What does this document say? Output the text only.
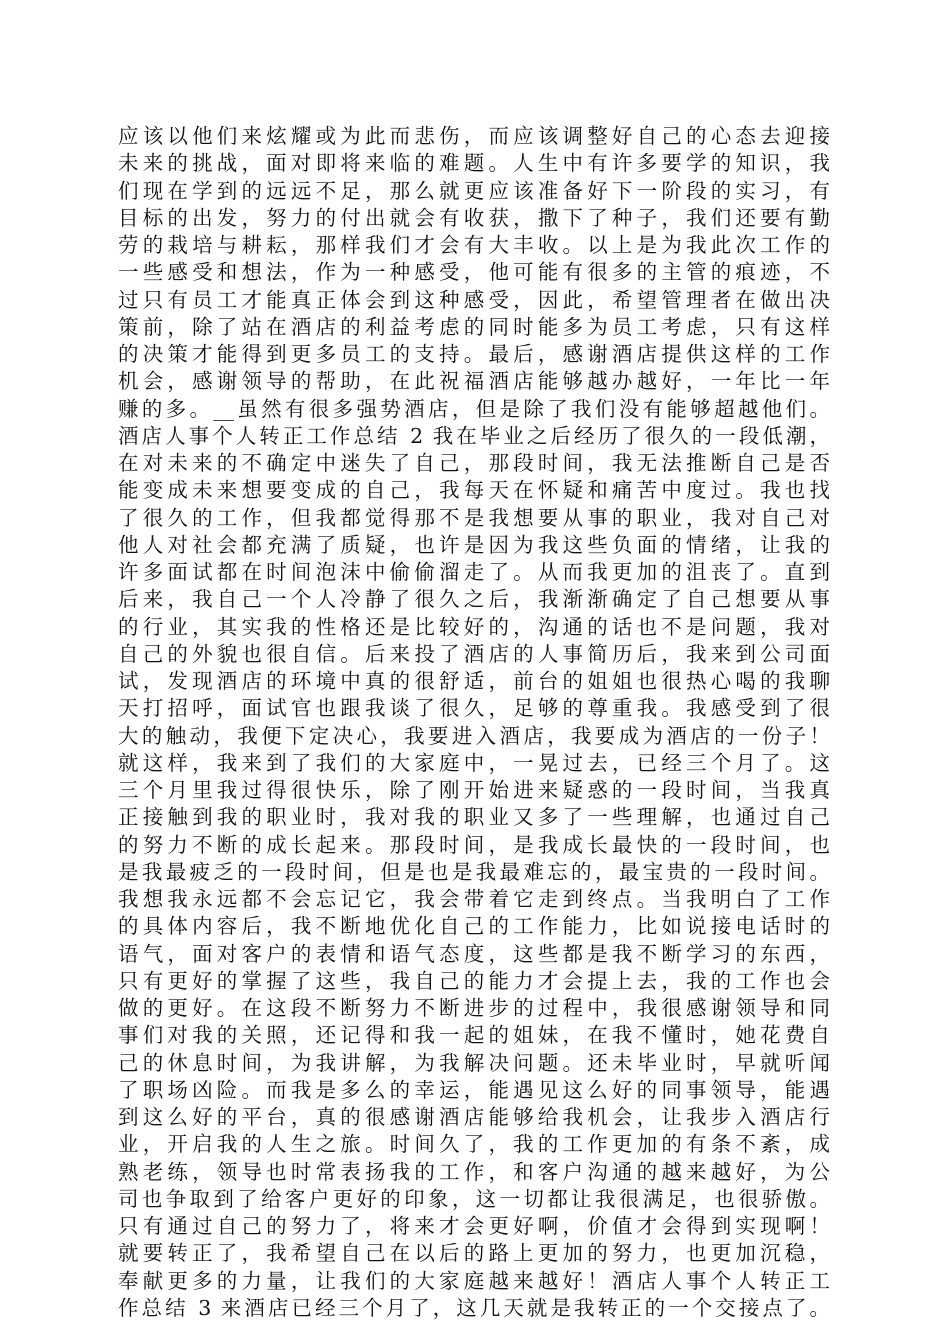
应该以他们来炫耀或为此而悲伤，而应该调整好自己的心态去迎接
未来的挑战，面对即将来临的难题。人生中有许多要学的知识，我
们现在学到的远远不足，那么就更应该准备好下一阶段的实习，有
目标的出发，努力的付出就会有收获，撒下了种子，我们还要有勤
劳的栽培与耕耘，那样我们才会有大丰收。以上是为我此次工作的
一些感受和想法，作为一种感受，他可能有很多的主管的痕迹，不
过只有员工才能真正体会到这种感受，因此，希望管理者在做出决
策前，除了站在酒店的利益考虑的同时能多为员工考虑，只有这样
的决策才能得到更多员工的支持。最后，感谢酒店提供这样的工作
机会，感谢领导的帮助，在此祝福酒店能够越办越好，一年比一年
赚的多。__虽然有很多强势酒店，但是除了我们没有能够超越他们。
酒店人事个人转正工作总结 2 我在毕业之后经历了很久的一段低潮，
在对未来的不确定中迷失了自己，那段时间，我无法推断自己是否
能变成未来想要变成的自己，我每天在怀疑和痛苦中度过。我也找
了很久的工作，但我都觉得那不是我想要从事的职业，我对自己对
他人对社会都充满了质疑，也许是因为我这些负面的情绪，让我的
许多面试都在时间泡沫中偷偷溜走了。从而我更加的沮丧了。直到
后来，我自己一个人冷静了很久之后，我渐渐确定了自己想要从事
的行业，其实我的性格还是比较好的，沟通的话也不是问题，我对
自己的外貌也很自信。后来投了酒店的人事简历后，我来到公司面
试，发现酒店的环境中真的很舒适，前台的姐姐也很热心喝的我聊
天打招呼，面试官也跟我谈了很久，足够的尊重我。我感受到了很
大的触动，我便下定决心，我要进入酒店，我要成为酒店的一份子！
就这样，我来到了我们的大家庭中，一晃过去，已经三个月了。这
三个月里我过得很快乐，除了刚开始进来疑惑的一段时间，当我真
正接触到我的职业时，我对我的职业又多了一些理解，也通过自己
的努力不断的成长起来。那段时间，是我成长最快的一段时间，也
是我最疲乏的一段时间，但是也是我最难忘的，最宝贵的一段时间。
我想我永远都不会忘记它，我会带着它走到终点。当我明白了工作
的具体内容后，我不断地优化自己的工作能力，比如说接电话时的
语气，面对客户的表情和语气态度，这些都是我不断学习的东西，
只有更好的掌握了这些，我自己的能力才会提上去，我的工作也会
做的更好。在这段不断努力不断进步的过程中，我很感谢领导和同
事们对我的关照，还记得和我一起的姐妹，在我不懂时，她花费自
己的休息时间，为我讲解，为我解决问题。还未毕业时，早就听闻
了职场凶险。而我是多么的幸运，能遇见这么好的同事领导，能遇
到这么好的平台，真的很感谢酒店能够给我机会，让我步入酒店行
业，开启我的人生之旅。时间久了，我的工作更加的有条不紊，成
熟老练，领导也时常表扬我的工作，和客户沟通的越来越好，为公
司也争取到了给客户更好的印象，这一切都让我很满足，也很骄傲。
只有通过自己的努力了，将来才会更好啊，价值才会得到实现啊！
就要转正了，我希望自己在以后的路上更加的努力，也更加沉稳，
奉献更多的力量，让我们的大家庭越来越好！酒店人事个人转正工
作总结 3 来酒店已经三个月了，这几天就是我转正的一个交接点了。
